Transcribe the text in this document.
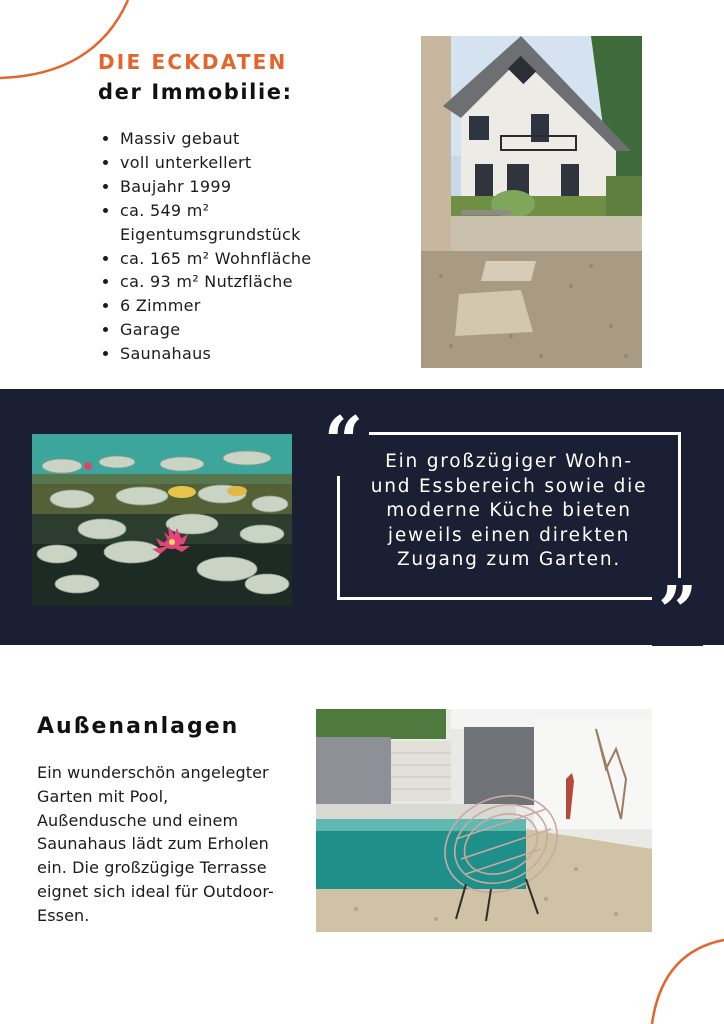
DIE ECKDATEN
der Immobilie:
• Massiv gebaut
• voll unterkellert
• Baujahr 1999
• ca. 549 m² Eigentumsgrundstück
• ca. 165 m² Wohnfläche
• ca. 93 m² Nutzfläche
• 6 Zimmer
• Garage
• Saunahaus
“
”

Ein großzügiger Wohn-
und Essbereich sowie die
moderne Küche bieten
jeweils einen direkten
Zugang zum Garten.

Außenanlagen

Ein wunderschön angelegter
Garten mit Pool,
Außendusche und einem
Saunahaus lädt zum Erholen
ein. Die großzügige Terrasse
eignet sich ideal für Outdoor-
Essen.
